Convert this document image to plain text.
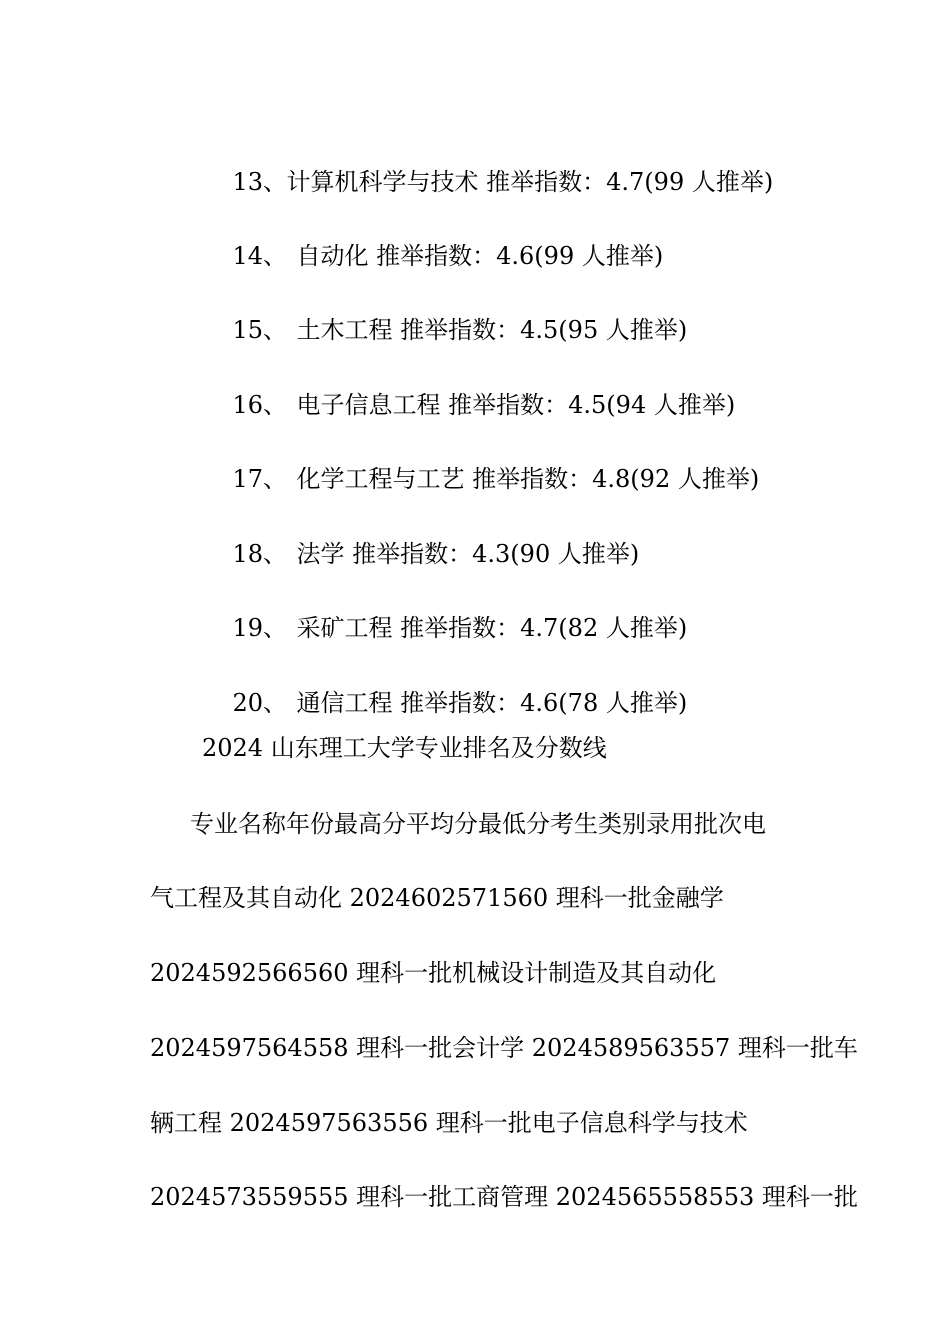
13、计算机科学与技术 推举指数：4.7(99 人推举)

14、 自动化 推举指数：4.6(99 人推举)

15、 土木工程 推举指数：4.5(95 人推举)

16、 电子信息工程 推举指数：4.5(94 人推举)

17、 化学工程与工艺 推举指数：4.8(92 人推举)

18、 法学 推举指数：4.3(90 人推举)

19、 采矿工程 推举指数：4.7(82 人推举)

20、 通信工程 推举指数：4.6(78 人推举)

2024 山东理工大学专业排名及分数线
专业名称年份最高分平均分最低分考生类别录用批次电
气工程及其自动化 2024602571560 理科一批金融学
2024592566560 理科一批机械设计制造及其自动化
2024597564558 理科一批会计学 2024589563557 理科一批车
辆工程 2024597563556 理科一批电子信息科学与技术
2024573559555 理科一批工商管理 2024565558553 理科一批
